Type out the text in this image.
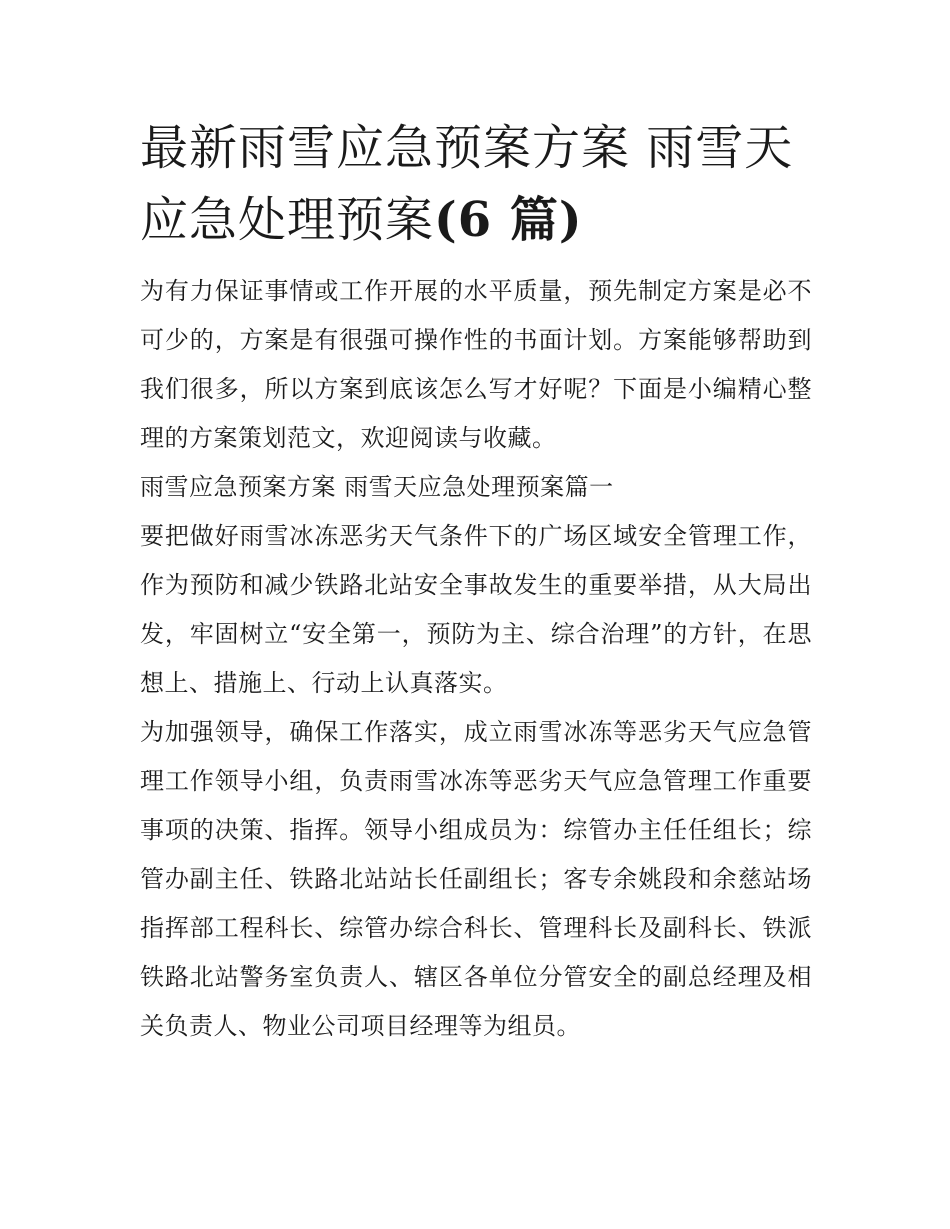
最新雨雪应急预案方案 雨雪天应急处理预案(6 篇)

为有力保证事情或工作开展的水平质量，预先制定方案是必不可少的，方案是有很强可操作性的书面计划。方案能够帮助到我们很多，所以方案到底该怎么写才好呢？下面是小编精心整理的方案策划范文，欢迎阅读与收藏。

雨雪应急预案方案 雨雪天应急处理预案篇一

要把做好雨雪冰冻恶劣天气条件下的广场区域安全管理工作，作为预防和减少铁路北站安全事故发生的重要举措，从大局出发，牢固树立“安全第一，预防为主、综合治理”的方针，在思想上、措施上、行动上认真落实。

为加强领导，确保工作落实，成立雨雪冰冻等恶劣天气应急管理工作领导小组，负责雨雪冰冻等恶劣天气应急管理工作重要事项的决策、指挥。领导小组成员为：综管办主任任组长；综管办副主任、铁路北站站长任副组长；客专余姚段和余慈站场指挥部工程科长、综管办综合科长、管理科长及副科长、铁派铁路北站警务室负责人、辖区各单位分管安全的副总经理及相关负责人、物业公司项目经理等为组员。
